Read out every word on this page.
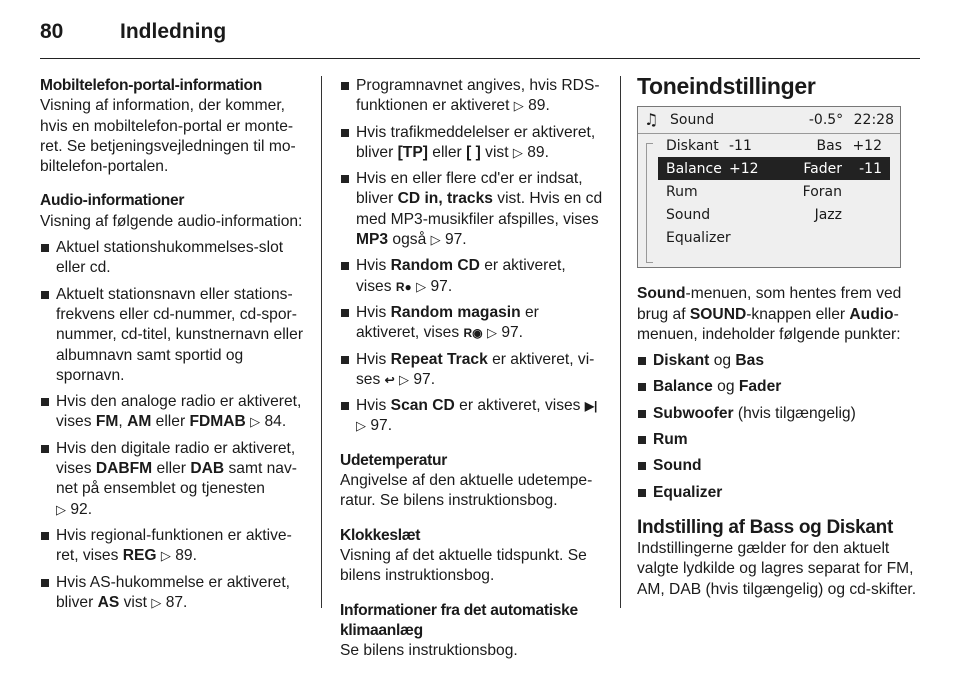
80	Indledning
Mobiltelefon-portal-information

Visning af information, der kommer, hvis en mobiltelefon-portal er monteret. Se betjeningsvejledningen til mobiltelefon-portalen.

Audio-informationer

Visning af følgende audio-information:

Aktuel stationshukommelses-slot eller cd.
Aktuelt stationsnavn eller stationsfrekvens eller cd-nummer, cd-spornummer, cd-titel, kunstnernavn eller albumnavn samt sportid og spornavn.
Hvis den analoge radio er aktiveret, vises FM, AM eller FDMAB ▷ 84.
Hvis den digitale radio er aktiveret, vises DABFM eller DAB samt navnet på ensemblet og tjenesten
▷ 92.
Hvis regional-funktionen er aktiveret, vises REG ▷ 89.
Hvis AS-hukommelse er aktiveret, bliver AS vist ▷ 87.
Programnavnet angives, hvis RDS-funktionen er aktiveret ▷ 89.
Hvis trafikmeddelelser er aktiveret, bliver [TP] eller [ ] vist ▷ 89.
Hvis en eller flere cd'er er indsat, bliver CD in, tracks vist. Hvis en cd med MP3-musikfiler afspilles, vises MP3 også ▷ 97.
Hvis Random CD er aktiveret, vises R● ▷ 97.
Hvis Random magasin er aktiveret, vises R◉ ▷ 97.
Hvis Repeat Track er aktiveret, vises ↩ ▷ 97.
Hvis Scan CD er aktiveret, vises ▶| ▷ 97.
Udetemperatur

Angivelse af den aktuelle udetemperatur. Se bilens instruktionsbog.

Klokkeslæt

Visning af det aktuelle tidspunkt. Se bilens instruktionsbog.

Informationer fra det automatiske klimaanlæg

Se bilens instruktionsbog.

Toneindstillinger
♫ Sound	-0.5° 22:28
Diskant -11	Bas +12
Balance +12	Fader	-11
Rum	Foran
Sound	Jazz
Equalizer

Sound-menuen, som hentes frem ved brug af SOUND-knappen eller Audio-menuen, indeholder følgende punkter:

Diskant og Bas
Balance og Fader
Subwoofer (hvis tilgængelig)
Rum
Sound
Equalizer
Indstilling af Bass og Diskant

Indstillingerne gælder for den aktuelt valgte lydkilde og lagres separat for FM, AM, DAB (hvis tilgængelig) og cd-skifter.
